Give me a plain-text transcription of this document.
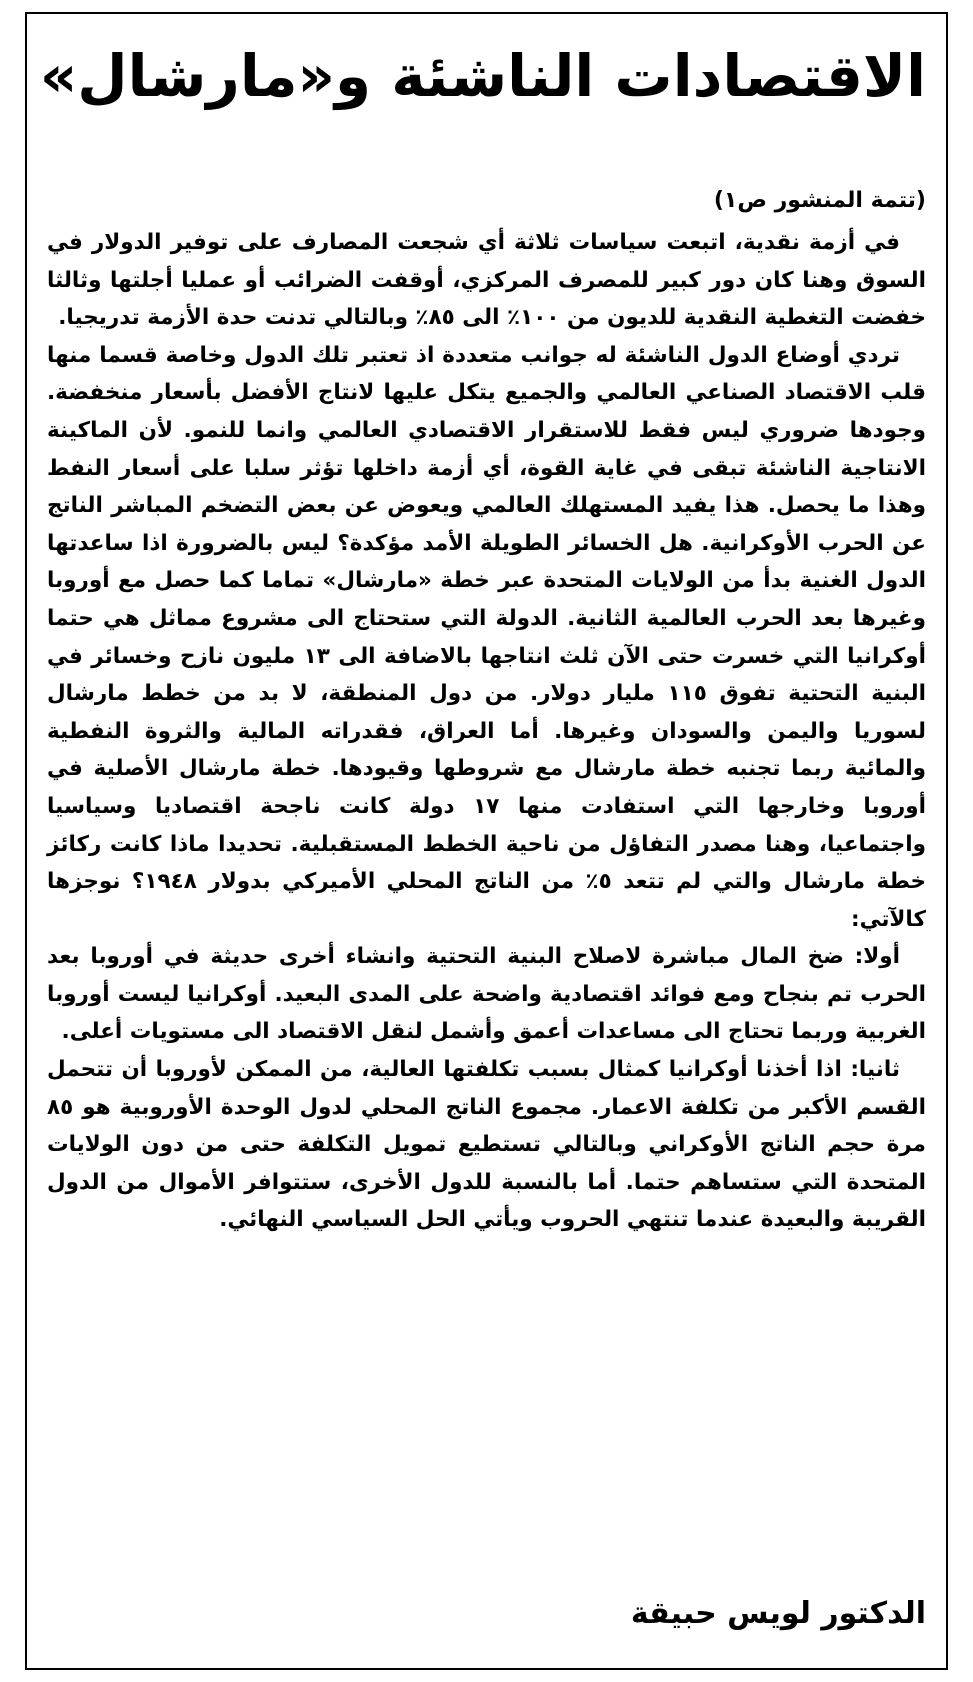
الاقتصادات الناشئة و«مارشال»
(تتمة المنشور ص١)

في أزمة نقدية، اتبعت سياسات ثلاثة أي شجعت المصارف على توفير الدولار في السوق وهنا كان دور كبير للمصرف المركزي، أوقفت الضرائب أو عمليا أجلتها وثالثا خفضت التغطية النقدية للديون من ١٠٠٪ الى ٨٥٪ وبالتالي تدنت حدة الأزمة تدريجيا.

تردي أوضاع الدول الناشئة له جوانب متعددة اذ تعتبر تلك الدول وخاصة قسما منها قلب الاقتصاد الصناعي العالمي والجميع يتكل عليها لانتاج الأفضل بأسعار منخفضة. وجودها ضروري ليس فقط للاستقرار الاقتصادي العالمي وانما للنمو. لأن الماكينة الانتاجية الناشئة تبقى في غاية القوة، أي أزمة داخلها تؤثر سلبا على أسعار النفط وهذا ما يحصل. هذا يفيد المستهلك العالمي ويعوض عن بعض التضخم المباشر الناتج عن الحرب الأوكرانية. هل الخسائر الطويلة الأمد مؤكدة؟ ليس بالضرورة اذا ساعدتها الدول الغنية بدأ من الولايات المتحدة عبر خطة «مارشال» تماما كما حصل مع أوروبا وغيرها بعد الحرب العالمية الثانية. الدولة التي ستحتاج الى مشروع مماثل هي حتما أوكرانيا التي خسرت حتى الآن ثلث انتاجها بالاضافة الى ١٣ مليون نازح وخسائر في البنية التحتية تفوق ١١٥ مليار دولار. من دول المنطقة، لا بد من خطط مارشال لسوريا واليمن والسودان وغيرها. أما العراق، فقدراته المالية والثروة النفطية والمائية ربما تجنبه خطة مارشال مع شروطها وقيودها. خطة مارشال الأصلية في أوروبا وخارجها التي استفادت منها ١٧ دولة كانت ناجحة اقتصاديا وسياسيا واجتماعيا، وهنا مصدر التفاؤل من ناحية الخطط المستقبلية. تحديدا ماذا كانت ركائز خطة مارشال والتي لم تتعد ٥٪ من الناتج المحلي الأميركي بدولار ١٩٤٨؟ نوجزها كالآتي:

أولا: ضخ المال مباشرة لاصلاح البنية التحتية وانشاء أخرى حديثة في أوروبا بعد الحرب تم بنجاح ومع فوائد اقتصادية واضحة على المدى البعيد. أوكرانيا ليست أوروبا الغربية وربما تحتاج الى مساعدات أعمق وأشمل لنقل الاقتصاد الى مستويات أعلى.

ثانيا: اذا أخذنا أوكرانيا كمثال بسبب تكلفتها العالية، من الممكن لأوروبا أن تتحمل القسم الأكبر من تكلفة الاعمار. مجموع الناتج المحلي لدول الوحدة الأوروبية هو ٨٥ مرة حجم الناتج الأوكراني وبالتالي تستطيع تمويل التكلفة حتى من دون الولايات المتحدة التي ستساهم حتما. أما بالنسبة للدول الأخرى، ستتوافر الأموال من الدول القريبة والبعيدة عندما تنتهي الحروب ويأتي الحل السياسي النهائي.

الدكتور لويس حبيقة
